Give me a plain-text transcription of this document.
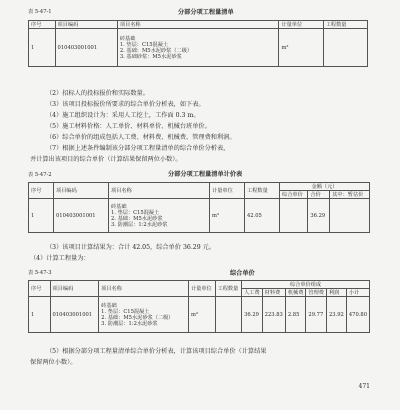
表 5-47-1	分部分项工程量清单
序号	项目编码	项目名称	计量单位	工程数量
1	010403001001	砖基础
1. 垫层：C15混凝土
2. 基础：M5水泥砂浆（二级）
3. 基础砂浆：M5水泥砂浆	m³	
（2）招标人的投标报价和实际数量。
（3）该项目投标报价所要求的综合单价分析表，如下表。
（4）施工组织设计为：采用人工挖土，工作面 0.3 m。
（5）施工材料价格：人工单价、材料单价、机械台班单价。
（6）综合单价的组成包括人工费、材料费、机械费、管理费和利润。
（7）根据上述条件编制该分部分项工程量清单的综合单价分析表，
并计算出该项目的综合单价（计算结果保留两位小数）。
表 5-47-2	分部分项工程量清单计价表
序号	项目编码	项目名称	计量单位	工程数量	金额（元）		
					综合单价	合价	其中：暂估价
1	010403001001	砖基础
1. 垫层：C15混凝土
2. 基础：M5水泥砂浆
3. 防潮层：1:2水泥砂浆	m³	42.05		36.29	
（3）该项目计算结果为：合计 42.05，综合单价 36.29 元。
（4）计算工程量为：
表 5-47-3	综合单价
序号	项目编码	项目名称	计量单位	工程数量	综合单价组成					
					人工费	材料费	机械费	管理费	利润	小计
1	010403001001	砖基础
1. 垫层：C15混凝土
2. 基础：M5水泥砂浆（二级）
3. 防潮层：1:2水泥砂浆	m³		36.29	223.83	2.85	29.77	23.92	470.80
（5）根据分部分项工程量清单综合单价分析表，计算该项目综合单价（计算结果
保留两位小数）。
471
